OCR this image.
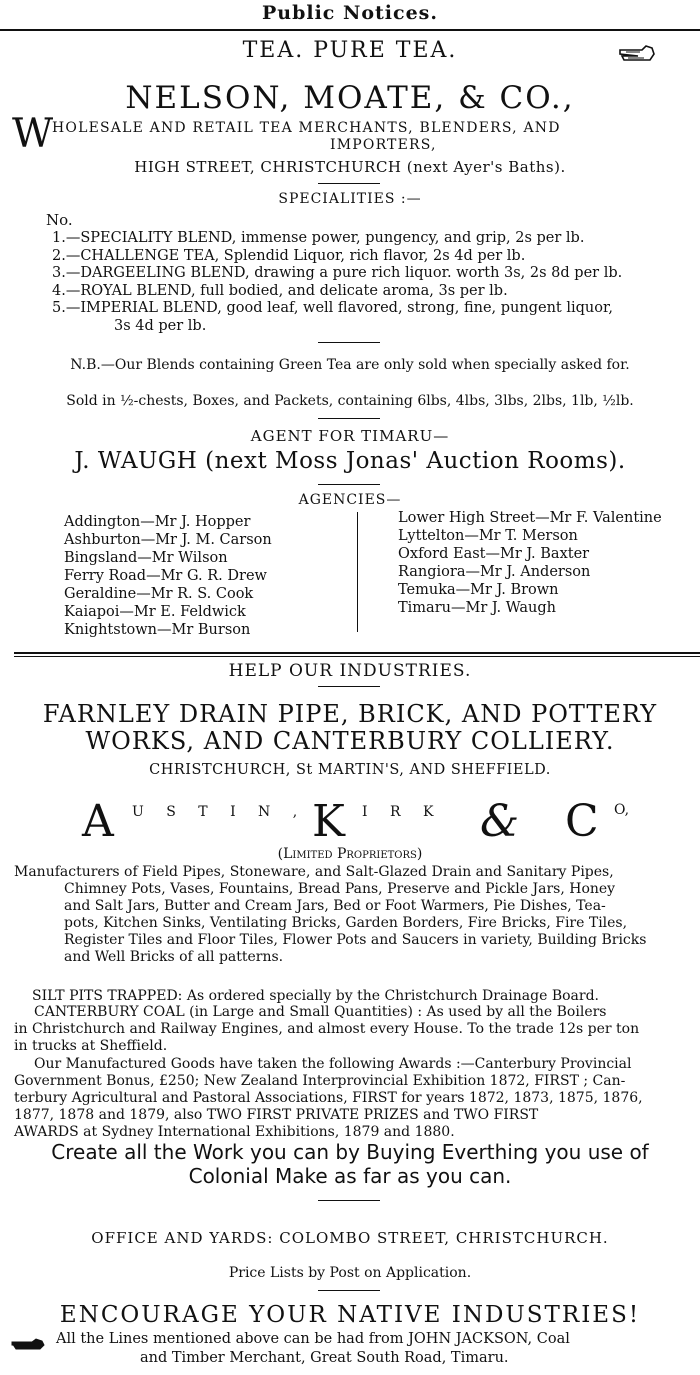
Public Notices.
TEA. PURE TEA.
NELSON, MOATE, & CO.,
W
HOLESALE AND RETAIL TEA MERCHANTS, BLENDERS, AND
IMPORTERS,
HIGH STREET, CHRISTCHURCH (next Ayer's Baths).
SPECIALITIES :—
No.
1.—SPECIALITY BLEND, immense power, pungency, and grip, 2s per lb.
2.—CHALLENGE TEA, Splendid Liquor, rich flavor, 2s 4d per lb.
3.—DARGEELING BLEND, drawing a pure rich liquor. worth 3s, 2s 8d per lb.
4.—ROYAL BLEND, full bodied, and delicate aroma, 3s per lb.
5.—IMPERIAL BLEND, good leaf, well flavored, strong, fine, pungent liquor,
3s 4d per lb.
N.B.—Our Blends containing Green Tea are only sold when specially asked for.
Sold in ½-chests, Boxes, and Packets, containing 6lbs, 4lbs, 3lbs, 2lbs, 1lb, ½lb.
AGENT FOR TIMARU—
J. WAUGH (next Moss Jonas' Auction Rooms).
AGENCIES—
Addington—Mr J. Hopper
Ashburton—Mr J. M. Carson
Bingsland—Mr Wilson
Ferry Road—Mr G. R. Drew
Geraldine—Mr R. S. Cook
Kaiapoi—Mr E. Feldwick
Knightstown—Mr Burson
Lower High Street—Mr F. Valentine
Lyttelton—Mr T. Merson
Oxford East—Mr J. Baxter
Rangiora—Mr J. Anderson
Temuka—Mr J. Brown
Timaru—Mr J. Waugh
HELP OUR INDUSTRIES.
FARNLEY DRAIN PIPE, BRICK, AND POTTERY
WORKS, AND CANTERBURY COLLIERY.
CHRISTCHURCH, St MARTIN'S, AND SHEFFIELD.
A U S T I N , K I R K & C O,
(Limited Proprietors)
Manufacturers of Field Pipes, Stoneware, and Salt-Glazed Drain and Sanitary Pipes,
Chimney Pots, Vases, Fountains, Bread Pans, Preserve and Pickle Jars, Honey
and Salt Jars, Butter and Cream Jars, Bed or Foot Warmers, Pie Dishes, Tea-
pots, Kitchen Sinks, Ventilating Bricks, Garden Borders, Fire Bricks, Fire Tiles,
Register Tiles and Floor Tiles, Flower Pots and Saucers in variety, Building Bricks
and Well Bricks of all patterns.
SILT PITS TRAPPED: As ordered specially by the Christchurch Drainage Board.
CANTERBURY COAL (in Large and Small Quantities) : As used by all the Boilers
in Christchurch and Railway Engines, and almost every House. To the trade 12s per ton
in trucks at Sheffield.
Our Manufactured Goods have taken the following Awards :—Canterbury Provincial
Government Bonus, £250; New Zealand Interprovincial Exhibition 1872, FIRST ; Can-
terbury Agricultural and Pastoral Associations, FIRST for years 1872, 1873, 1875, 1876,
1877, 1878 and 1879, also TWO FIRST PRIVATE PRIZES and TWO FIRST
AWARDS at Sydney International Exhibitions, 1879 and 1880.
Create all the Work you can by Buying Everthing you use of
Colonial Make as far as you can.
OFFICE AND YARDS: COLOMBO STREET, CHRISTCHURCH.
Price Lists by Post on Application.
ENCOURAGE YOUR NATIVE INDUSTRIES!
All the Lines mentioned above can be had from JOHN JACKSON, Coal
and Timber Merchant, Great South Road, Timaru.
